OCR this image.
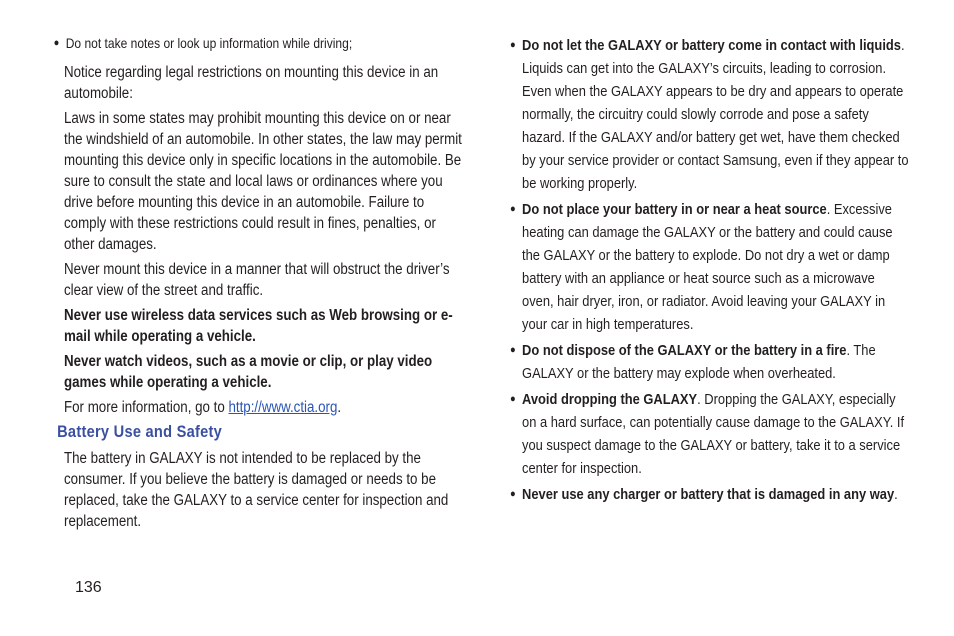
● Do not take notes or look up information while driving;

Notice regarding legal restrictions on mounting this device in an automobile:

Laws in some states may prohibit mounting this device on or near the windshield of an automobile. In other states, the law may permit mounting this device only in specific locations in the automobile. Be sure to consult the state and local laws or ordinances where you drive before mounting this device in an automobile. Failure to comply with these restrictions could result in fines, penalties, or other damages.

Never mount this device in a manner that will obstruct the driver’s clear view of the street and traffic.

Never use wireless data services such as Web browsing or e-mail while operating a vehicle.

Never watch videos, such as a movie or clip, or play video games while operating a vehicle.

For more information, go to http://www.ctia.org.

Battery Use and Safety

The battery in GALAXY is not intended to be replaced by the consumer. If you believe the battery is damaged or needs to be replaced, take the GALAXY to a service center for inspection and replacement.

● Do not let the GALAXY or battery come in contact with liquids. Liquids can get into the GALAXY’s circuits, leading to corrosion. Even when the GALAXY appears to be dry and appears to operate normally, the circuitry could slowly corrode and pose a safety hazard. If the GALAXY and/or battery get wet, have them checked by your service provider or contact Samsung, even if they appear to be working properly.

● Do not place your battery in or near a heat source. Excessive heating can damage the GALAXY or the battery and could cause the GALAXY or the battery to explode. Do not dry a wet or damp battery with an appliance or heat source such as a microwave oven, hair dryer, iron, or radiator. Avoid leaving your GALAXY in your car in high temperatures.

● Do not dispose of the GALAXY or the battery in a fire. The GALAXY or the battery may explode when overheated.

● Avoid dropping the GALAXY. Dropping the GALAXY, especially on a hard surface, can potentially cause damage to the GALAXY. If you suspect damage to the GALAXY or battery, take it to a service center for inspection.

● Never use any charger or battery that is damaged in any way.

136
